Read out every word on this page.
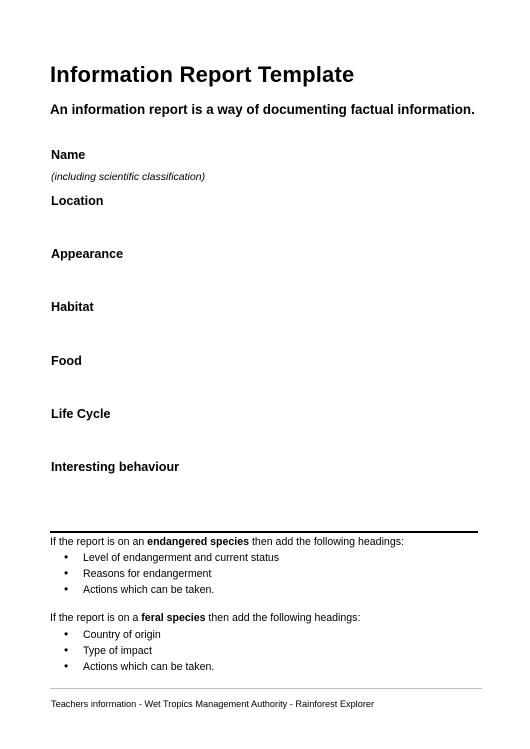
Information Report Template
An information report is a way of documenting factual information.
Name
(including scientific classification)
Location
Appearance
Habitat
Food
Life Cycle
Interesting behaviour
If the report is on an endangered species then add the following headings:
• Level of endangerment and current status
• Reasons for endangerment
• Actions which can be taken.
If the report is on a feral species then add the following headings:
• Country of origin
• Type of impact
• Actions which can be taken.
Teachers information - Wet Tropics Management Authority - Rainforest Explorer
